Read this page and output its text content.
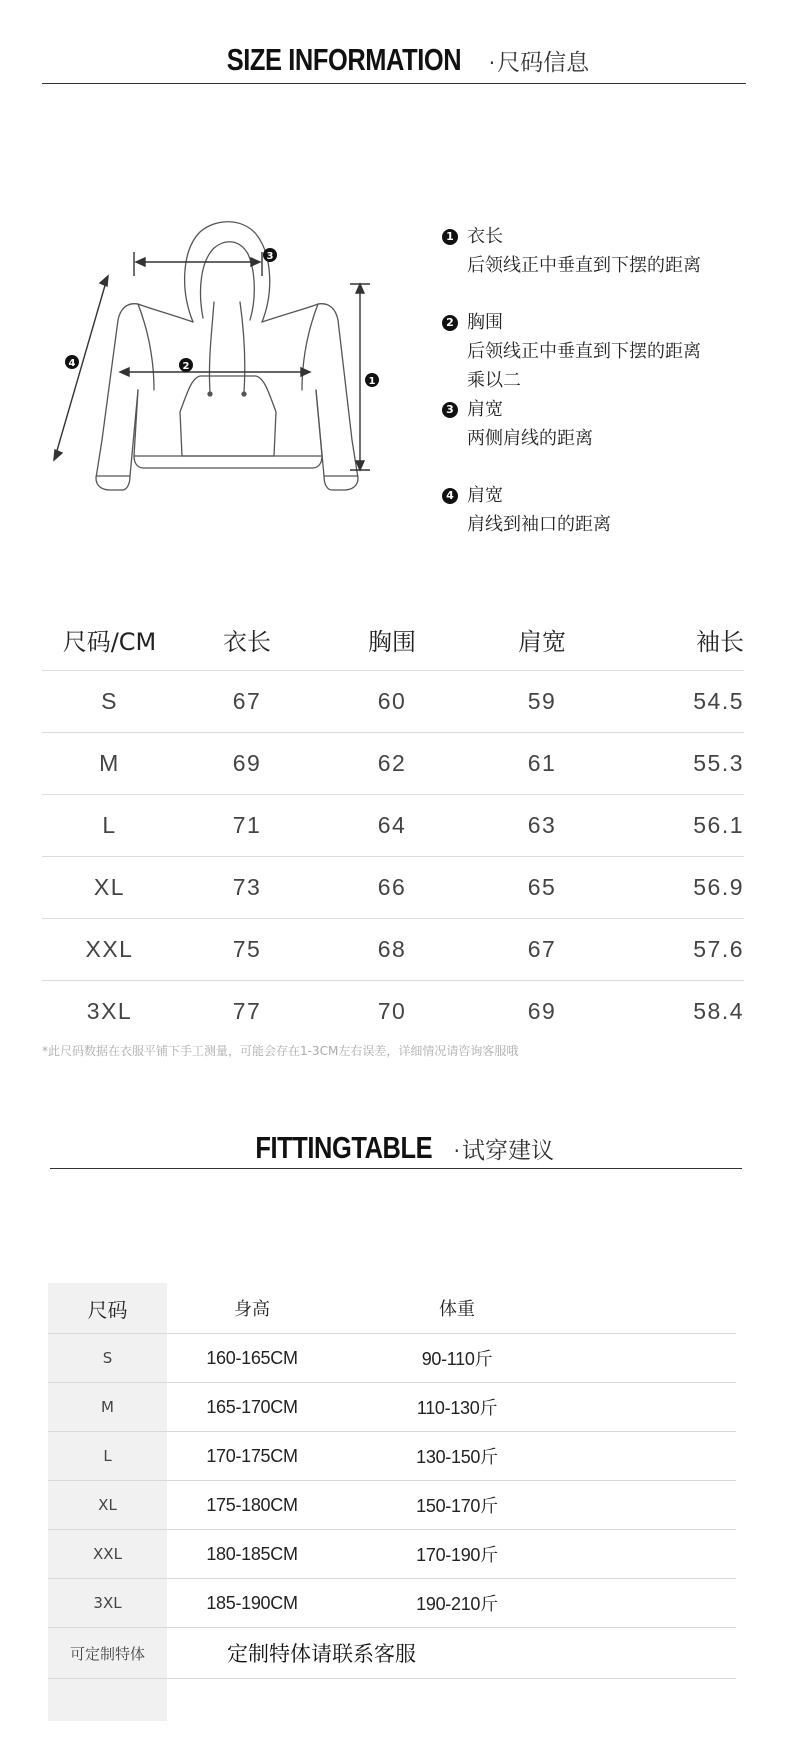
SIZE INFORMATION · 尺码信息
1
2
3
4
1 衣长
后领线正中垂直到下摆的距离
2 胸围
后领线正中垂直到下摆的距离
乘以二
3 肩宽
两侧肩线的距离
4 肩宽
肩线到袖口的距离
尺码/CM	衣长	胸围	肩宽	袖长
S	67	60	59	54.5
M	69	62	61	55.3
L	71	64	63	56.1
XL	73	66	65	56.9
XXL	75	68	67	57.6
3XL	77	70	69	58.4
*此尺码数据在衣服平铺下手工测量，可能会存在1-3CM左右误差，详细情况请咨询客服哦
FITTINGTABLE · 试穿建议
尺码	身高	体重
S	160-165CM	90-110斤
M	165-170CM	110-130斤
L	170-175CM	130-150斤
XL	175-180CM	150-170斤
XXL	180-185CM	170-190斤
3XL	185-190CM	190-210斤
可定制特体	定制特体请联系客服
